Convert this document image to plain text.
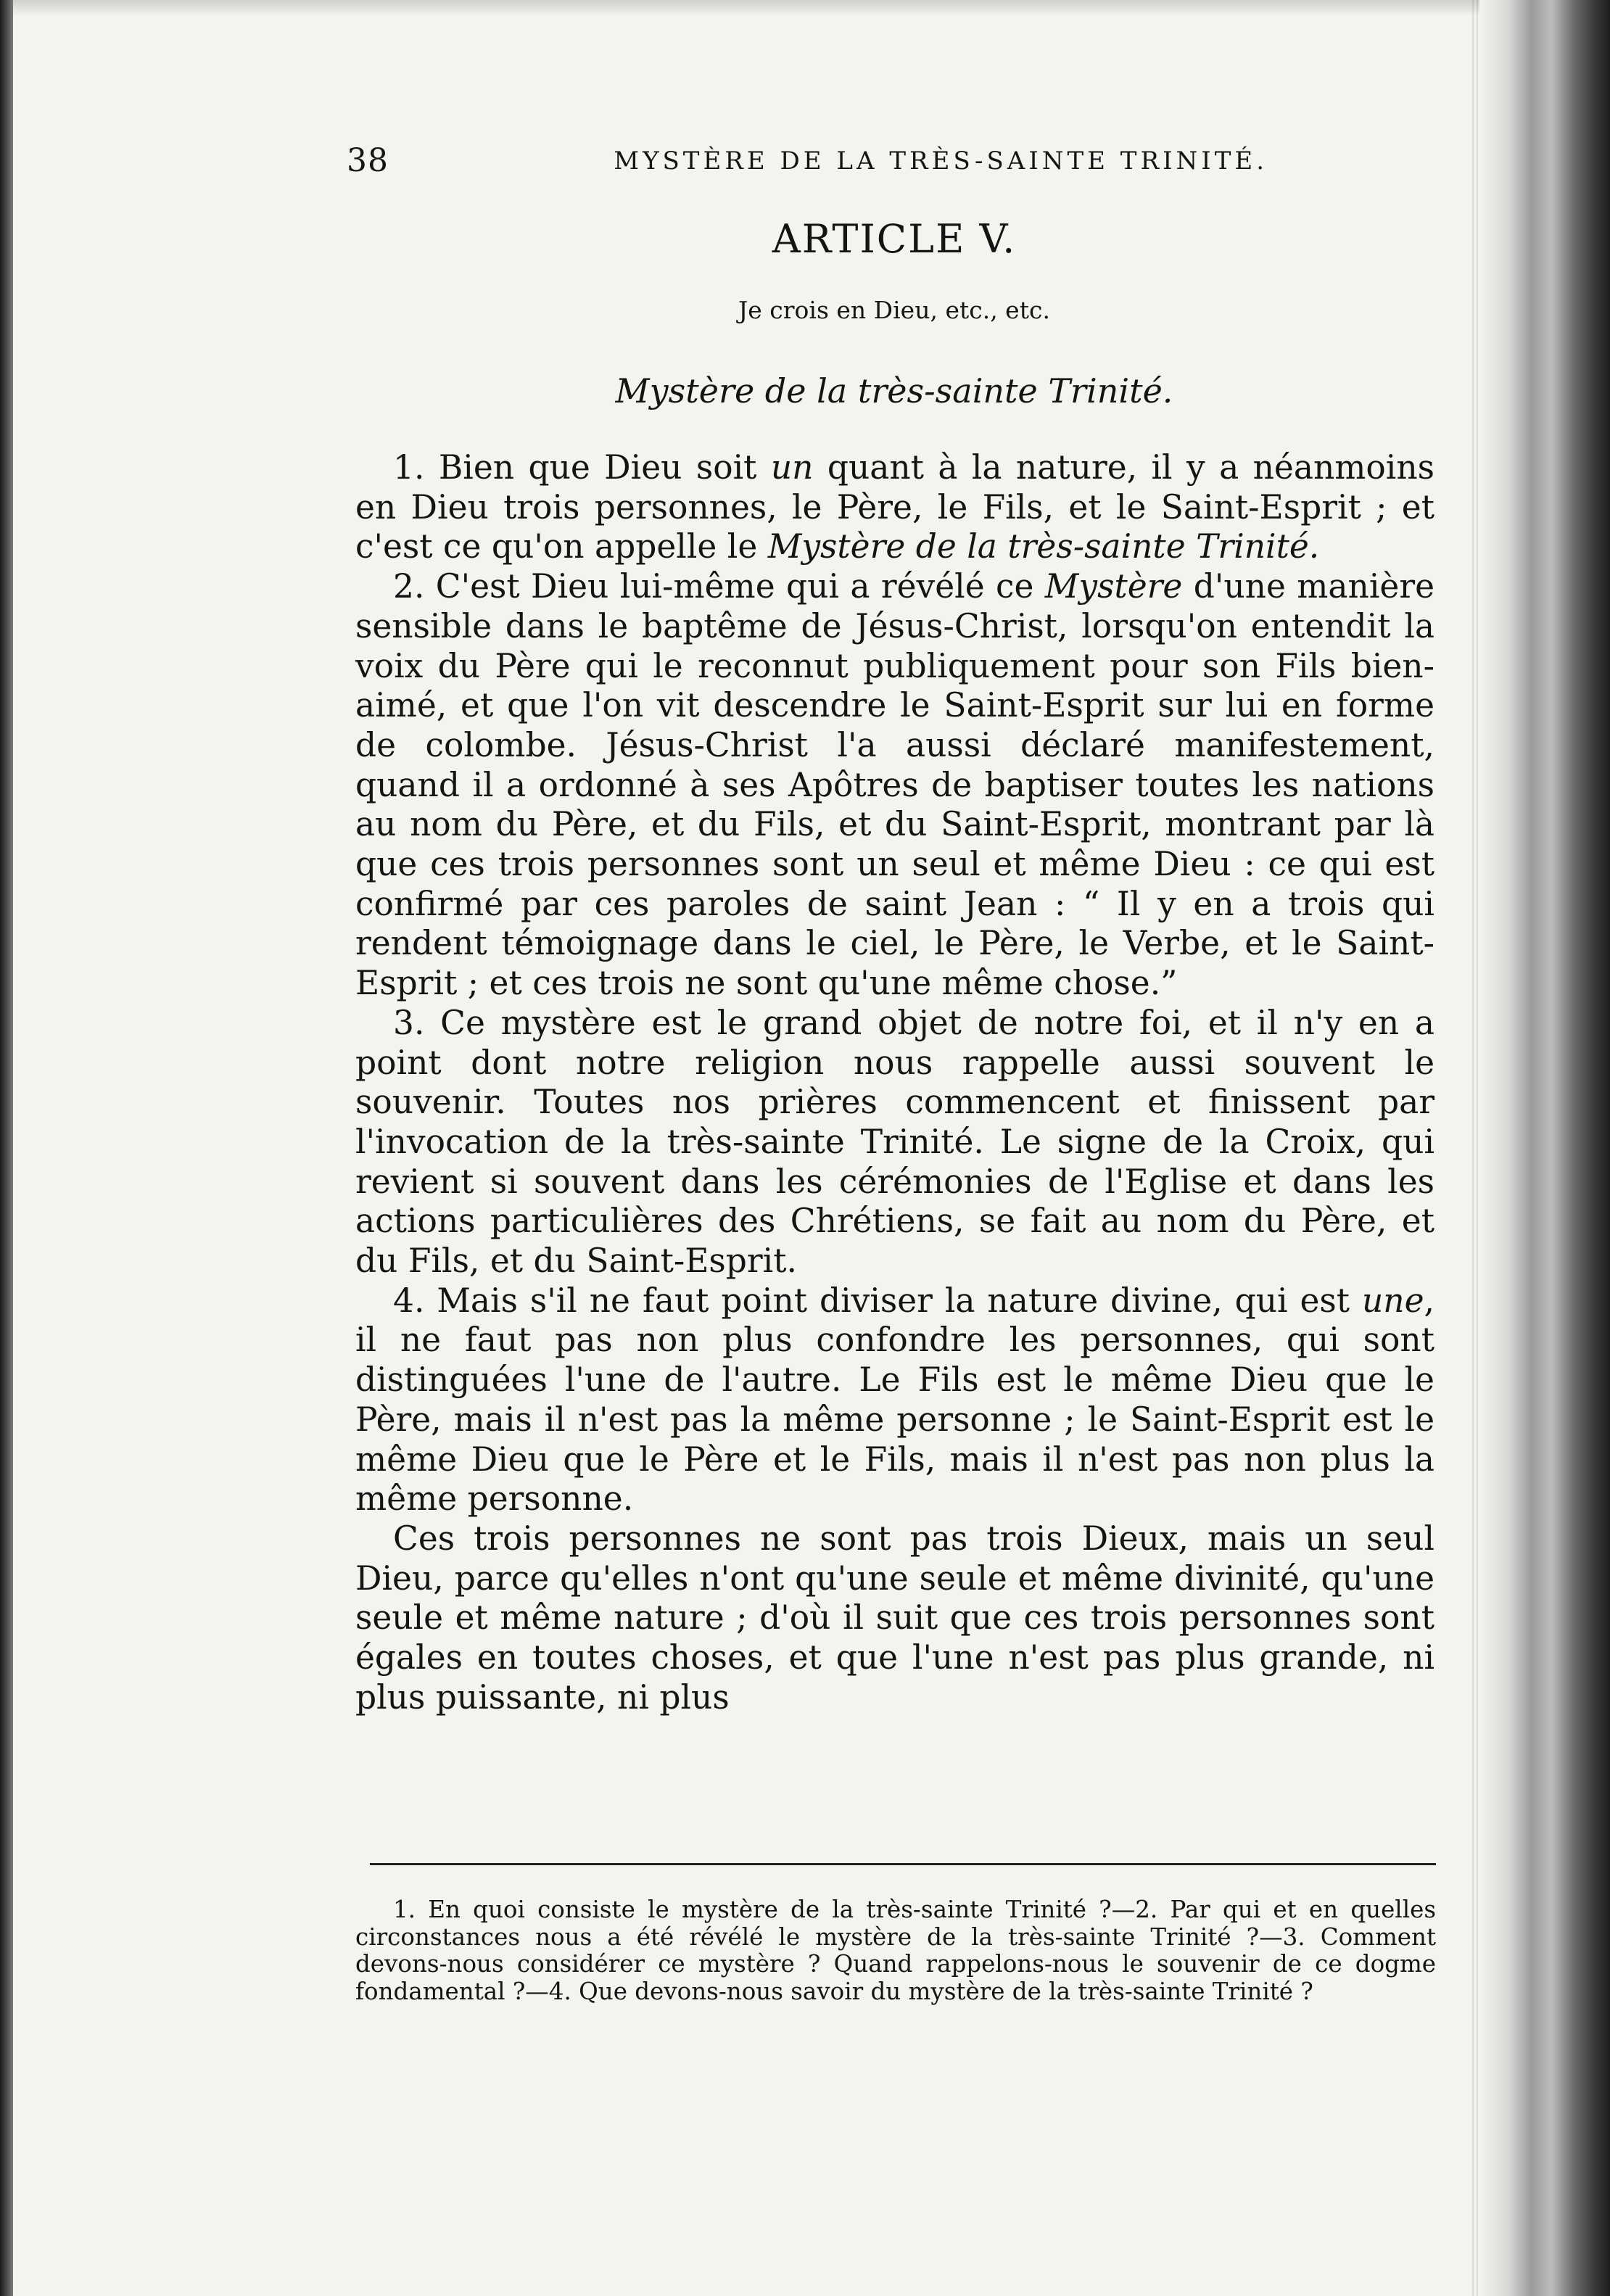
38	MYSTÈRE DE LA TRÈS-SAINTE TRINITÉ.
ARTICLE V.
Je crois en Dieu, etc., etc.
Mystère de la très-sainte Trinité.

1. Bien que Dieu soit un quant à la nature, il y a néanmoins en Dieu trois personnes, le Père, le Fils, et le Saint-Esprit ; et c'est ce qu'on appelle le Mystère de la très-sainte Trinité.

2. C'est Dieu lui-même qui a révélé ce Mystère d'une manière sensible dans le baptême de Jésus-Christ, lorsqu'on entendit la voix du Père qui le reconnut publiquement pour son Fils bien-aimé, et que l'on vit descendre le Saint-Esprit sur lui en forme de colombe. Jésus-Christ l'a aussi déclaré manifestement, quand il a ordonné à ses Apôtres de baptiser toutes les nations au nom du Père, et du Fils, et du Saint-Esprit, montrant par là que ces trois personnes sont un seul et même Dieu : ce qui est confirmé par ces paroles de saint Jean : “ Il y en a trois qui rendent témoignage dans le ciel, le Père, le Verbe, et le Saint-Esprit ; et ces trois ne sont qu'une même chose.”

3. Ce mystère est le grand objet de notre foi, et il n'y en a point dont notre religion nous rappelle aussi souvent le souvenir. Toutes nos prières commencent et finissent par l'invocation de la très-sainte Trinité. Le signe de la Croix, qui revient si souvent dans les cérémonies de l'Eglise et dans les actions particulières des Chrétiens, se fait au nom du Père, et du Fils, et du Saint-Esprit.

4. Mais s'il ne faut point diviser la nature divine, qui est une, il ne faut pas non plus confondre les personnes, qui sont distinguées l'une de l'autre. Le Fils est le même Dieu que le Père, mais il n'est pas la même personne ; le Saint-Esprit est le même Dieu que le Père et le Fils, mais il n'est pas non plus la même personne.

Ces trois personnes ne sont pas trois Dieux, mais un seul Dieu, parce qu'elles n'ont qu'une seule et même divinité, qu'une seule et même nature ; d'où il suit que ces trois personnes sont égales en toutes choses, et que l'une n'est pas plus grande, ni plus puissante, ni plus

1. En quoi consiste le mystère de la très-sainte Trinité ?—2. Par qui et en quelles circonstances nous a été révélé le mystère de la très-sainte Trinité ?—3. Comment devons-nous considérer ce mystère ? Quand rappelons-nous le souvenir de ce dogme fondamental ?—4. Que devons-nous savoir du mystère de la très-sainte Trinité ?
